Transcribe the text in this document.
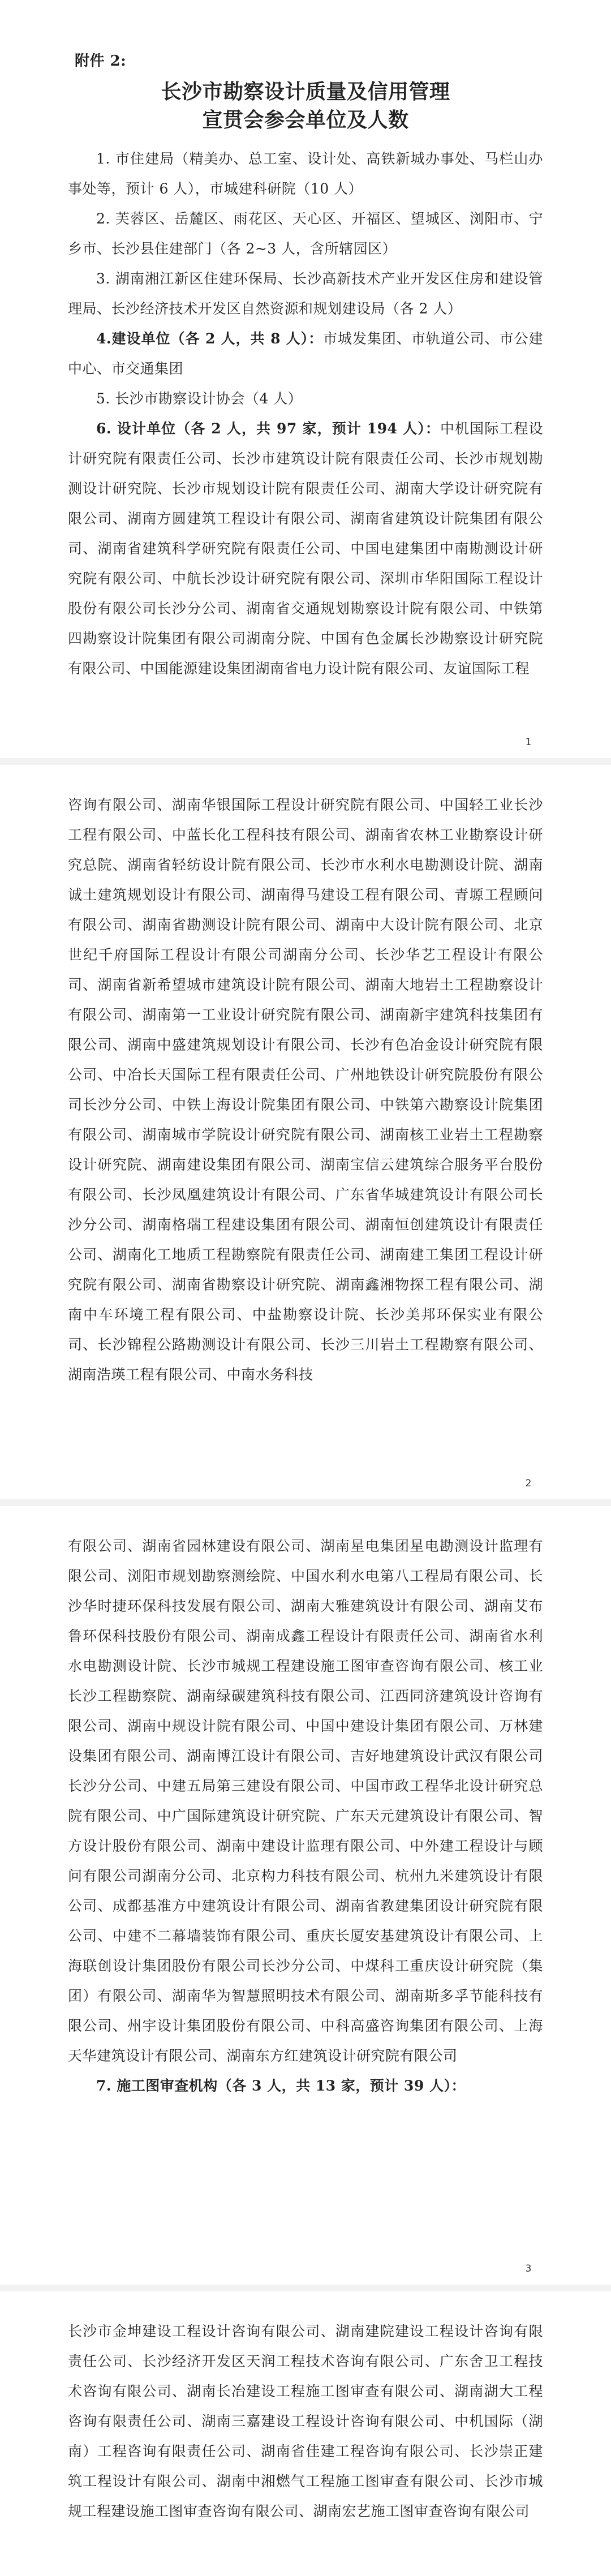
附件 2:

长沙市勘察设计质量及信用管理

宣贯会参会单位及人数

1. 市住建局（精美办、总工室、设计处、高铁新城办事处、马栏山办事处等，预计 6 人），市城建科研院（10 人）

2. 芙蓉区、岳麓区、雨花区、天心区、开福区、望城区、浏阳市、宁乡市、长沙县住建部门（各 2~3 人，含所辖园区）

3. 湖南湘江新区住建环保局、长沙高新技术产业开发区住房和建设管理局、长沙经济技术开发区自然资源和规划建设局（各 2 人）

4.建设单位（各 2 人，共 8 人）：市城发集团、市轨道公司、市公建中心、市交通集团

5. 长沙市勘察设计协会（4 人）

6. 设计单位（各 2 人，共 97 家，预计 194 人）：中机国际工程设计研究院有限责任公司、长沙市建筑设计院有限责任公司、长沙市规划勘测设计研究院、长沙市规划设计院有限责任公司、湖南大学设计研究院有限公司、湖南方圆建筑工程设计有限公司、湖南省建筑设计院集团有限公司、湖南省建筑科学研究院有限责任公司、中国电建集团中南勘测设计研究院有限公司、中航长沙设计研究院有限公司、深圳市华阳国际工程设计股份有限公司长沙分公司、湖南省交通规划勘察设计院有限公司、中铁第四勘察设计院集团有限公司湖南分院、中国有色金属长沙勘察设计研究院有限公司、中国能源建设集团湖南省电力设计院有限公司、友谊国际工程

1

咨询有限公司、湖南华银国际工程设计研究院有限公司、中国轻工业长沙工程有限公司、中蓝长化工程科技有限公司、湖南省农林工业勘察设计研究总院、湖南省轻纺设计院有限公司、长沙市水利水电勘测设计院、湖南诚土建筑规划设计有限公司、湖南得马建设工程有限公司、青塬工程顾问有限公司、湖南省勘测设计院有限公司、湖南中大设计院有限公司、北京世纪千府国际工程设计有限公司湖南分公司、长沙华艺工程设计有限公司、湖南省新希望城市建筑设计院有限公司、湖南大地岩土工程勘察设计有限公司、湖南第一工业设计研究院有限公司、湖南新宇建筑科技集团有限公司、湖南中盛建筑规划设计有限公司、长沙有色冶金设计研究院有限公司、中冶长天国际工程有限责任公司、广州地铁设计研究院股份有限公司长沙分公司、中铁上海设计院集团有限公司、中铁第六勘察设计院集团有限公司、湖南城市学院设计研究院有限公司、湖南核工业岩土工程勘察设计研究院、湖南建设集团有限公司、湖南宝信云建筑综合服务平台股份有限公司、长沙凤凰建筑设计有限公司、广东省华城建筑设计有限公司长沙分公司、湖南格瑞工程建设集团有限公司、湖南恒创建筑设计有限责任公司、湖南化工地质工程勘察院有限责任公司、湖南建工集团工程设计研究院有限公司、湖南省勘察设计研究院、湖南鑫湘物探工程有限公司、湖南中车环境工程有限公司、中盐勘察设计院、长沙美邦环保实业有限公司、长沙锦程公路勘测设计有限公司、长沙三川岩土工程勘察有限公司、湖南浩瑛工程有限公司、中南水务科技

2

有限公司、湖南省园林建设有限公司、湖南星电集团星电勘测设计监理有限公司、浏阳市规划勘察测绘院、中国水利水电第八工程局有限公司、长沙华时捷环保科技发展有限公司、湖南大雅建筑设计有限公司、湖南艾布鲁环保科技股份有限公司、湖南成鑫工程设计有限责任公司、湖南省水利水电勘测设计院、长沙市城规工程建设施工图审查咨询有限公司、核工业长沙工程勘察院、湖南绿碳建筑科技有限公司、江西同济建筑设计咨询有限公司、湖南中规设计院有限公司、中国中建设计集团有限公司、万林建设集团有限公司、湖南博江设计有限公司、吉好地建筑设计武汉有限公司长沙分公司、中建五局第三建设有限公司、中国市政工程华北设计研究总院有限公司、中广国际建筑设计研究院、广东天元建筑设计有限公司、智方设计股份有限公司、湖南中建设计监理有限公司、中外建工程设计与顾问有限公司湖南分公司、北京构力科技有限公司、杭州九米建筑设计有限公司、成都基准方中建筑设计有限公司、湖南省教建集团设计研究院有限公司、中建不二幕墙装饰有限公司、重庆长厦安基建筑设计有限公司、上海联创设计集团股份有限公司长沙分公司、中煤科工重庆设计研究院（集团）有限公司、湖南华为智慧照明技术有限公司、湖南斯多孚节能科技有限公司、州宇设计集团股份有限公司、中科高盛咨询集团有限公司、上海天华建筑设计有限公司、湖南东方红建筑设计研究院有限公司

7. 施工图审查机构（各 3 人，共 13 家，预计 39 人）：

3

长沙市金坤建设工程设计咨询有限公司、湖南建院建设工程设计咨询有限责任公司、长沙经济开发区天润工程技术咨询有限公司、广东舍卫工程技术咨询有限公司、湖南长冶建设工程施工图审查有限公司、湖南湖大工程咨询有限责任公司、湖南三嘉建设工程设计咨询有限公司、中机国际（湖南）工程咨询有限责任公司、湖南省佳建工程咨询有限公司、长沙崇正建筑工程设计有限公司、湖南中湘燃气工程施工图审查有限公司、长沙市城规工程建设施工图审查咨询有限公司、湖南宏艺施工图审查咨询有限公司
